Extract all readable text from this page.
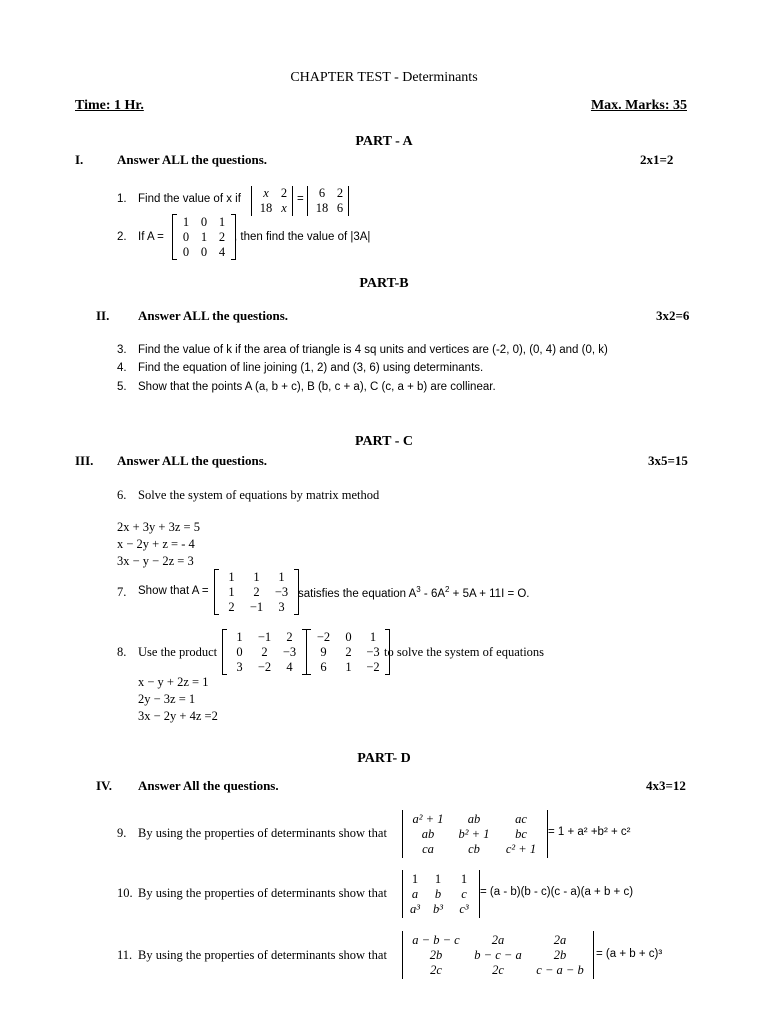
CHAPTER TEST - Determinants
Time: 1 Hr.	Max. Marks: 35
PART - A
I.	Answer ALL the questions.	2x1=2
1. Find the value of x if	x 2
18 x
=	6 2
18 6
2. If A =
1 0 1
0 1 2
0 0 4
, then find the value of |3A|
PART-B
II. Answer ALL the questions.	3x2=6
3. Find the value of k if the area of triangle is 4 sq units and vertices are (-2, 0), (0, 4) and (0, k)
4. Find the equation of line joining (1, 2) and (3, 6) using determinants.
5. Show that the points A (a, b + c), B (b, c + a), C (c, a + b) are collinear.
PART - C
III. Answer ALL the questions.	3x5=15
6. Solve the system of equations by matrix method
2x + 3y + 3z = 5
x − 2y + z = - 4
3x − y − 2z = 3
7. Show that A =
1	1	1
1	2	−3
2	−1	3
satisfies the equation $A^3 - 6A^2 + 5A + 11I = O$.
8. Use the product
1	−1	2
0	2	−3
3	−2	4
−2	0	1
9	2	−3
6	1	−2
to solve the system of equations
x − y + 2z = 1
2y − 3z = 1
3x − 2y + 4z =2
PART- D
IV. Answer All the questions.	4x3=12
9. By using the properties of determinants show that
a² + 1	ab	ac
ab	b² + 1	bc
ca	cb	c² + 1
= 1 + a² +b² + c²
10. By using the properties of determinants show that
1	1	1
a	b	c
a³	b³	c³
= (a - b)(b - c)(c - a)(a + b + c)
11. By using the properties of determinants show that
a − b − c	2a	2a
2b	b − c − a	2b
2c	2c	c − a − b
= (a + b + c)³
